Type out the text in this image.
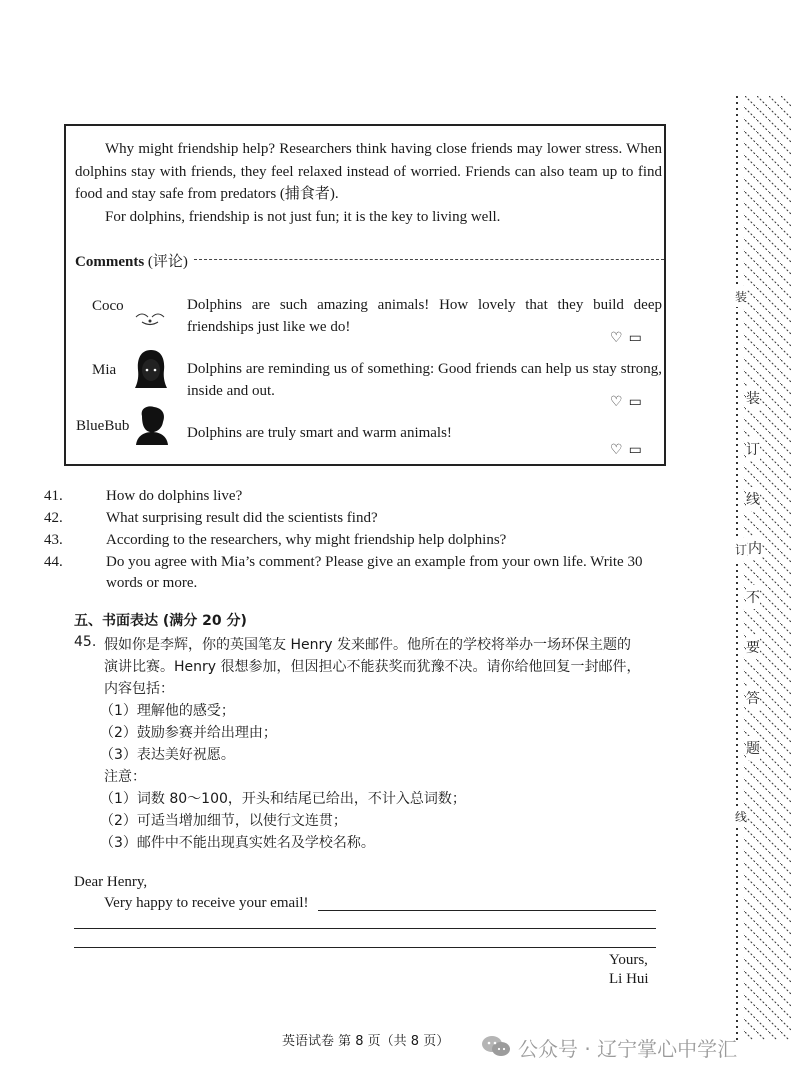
Why might friendship help? Researchers think having close friends may lower stress. When dolphins stay with friends, they feel relaxed instead of worried. Friends can also team up to find food and stay safe from predators (捕食者).
For dolphins, friendship is not just fun; it is the key to living well.
Comments (评论)
Coco	Dolphins are such amazing animals! How lovely that they build deep friendships just like we do!
♡ ▭
Mia	Dolphins are reminding us of something: Good friends can help us stay strong, inside and out.
♡ ▭
BlueBub	Dolphins are truly smart and warm animals!
♡ ▭
41.	How do dolphins live?
42.	What surprising result did the scientists find?
43.	According to the researchers, why might friendship help dolphins?
44.	Do you agree with Mia’s comment? Please give an example from your own life. Write 30 words or more.
五、书面表达 (满分 20 分)
45. 假如你是李辉，你的英国笔友 Henry 发来邮件。他所在的学校将举办一场环保主题的
演讲比赛。Henry 很想参加，但因担心不能获奖而犹豫不决。请你给他回复一封邮件，
内容包括：
（1）理解他的感受；
（2）鼓励参赛并给出理由；
（3）表达美好祝愿。
注意：
（1）词数 80～100，开头和结尾已给出，不计入总词数；
（2）可适当增加细节，以使行文连贯；
（3）邮件中不能出现真实姓名及学校名称。
Dear Henry,
Very happy to receive your email!
Yours,
Li Hui
英语试卷 第 8 页（共 8 页）	公众号 · 辽宁掌心中学汇
装
装
订
线
订 内
不
要
答
题
线
